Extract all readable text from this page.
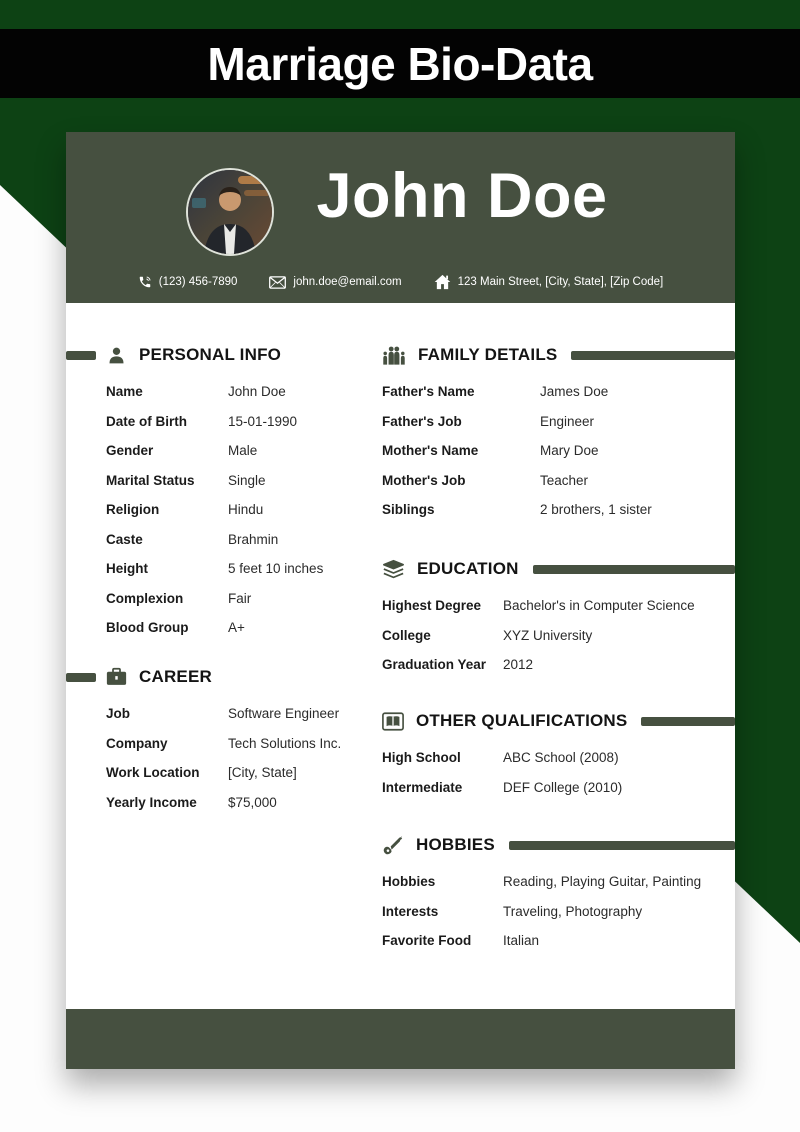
Marriage Bio-Data
John Doe
(123) 456-7890	john.doe@email.com	123 Main Street, [City, State], [Zip Code]
PERSONAL INFO
Name	John Doe
Date of Birth	15-01-1990
Gender	Male
Marital Status	Single
Religion	Hindu
Caste	Brahmin
Height	5 feet 10 inches
Complexion	Fair
Blood Group	A+
CAREER
Job	Software Engineer
Company	Tech Solutions Inc.
Work Location	[City, State]
Yearly Income	$75,000
FAMILY DETAILS
Father's Name	James Doe
Father's Job	Engineer
Mother's Name	Mary Doe
Mother's Job	Teacher
Siblings	2 brothers, 1 sister
EDUCATION
Highest Degree	Bachelor's in Computer Science
College	XYZ University
Graduation Year	2012
OTHER QUALIFICATIONS
High School	ABC School (2008)
Intermediate	DEF College (2010)
HOBBIES
Hobbies	Reading, Playing Guitar, Painting
Interests	Traveling, Photography
Favorite Food	Italian
